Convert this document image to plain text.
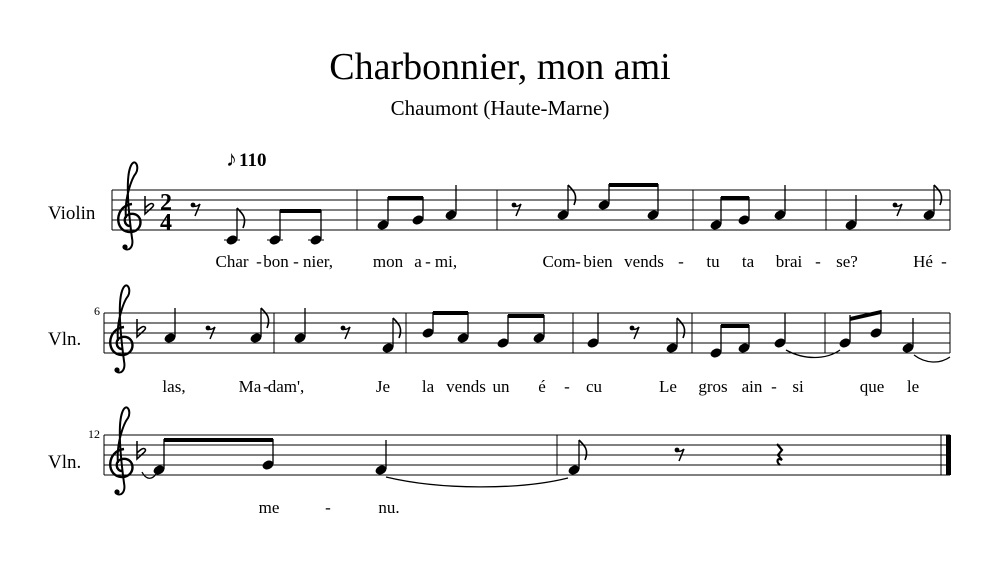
Charbonnier, mon ami
Chaumont (Haute-Marne)
♪ 110
Violin
Vln.
Vln.
6
12
Char - bon - nier, mon a - mi,	Com - bien vends - tu ta brai - se?	Hé -
las,	Ma -
dam',	Je la vends un é - cu	Le gros ain - si	que le
me	-	nu.
2
4
